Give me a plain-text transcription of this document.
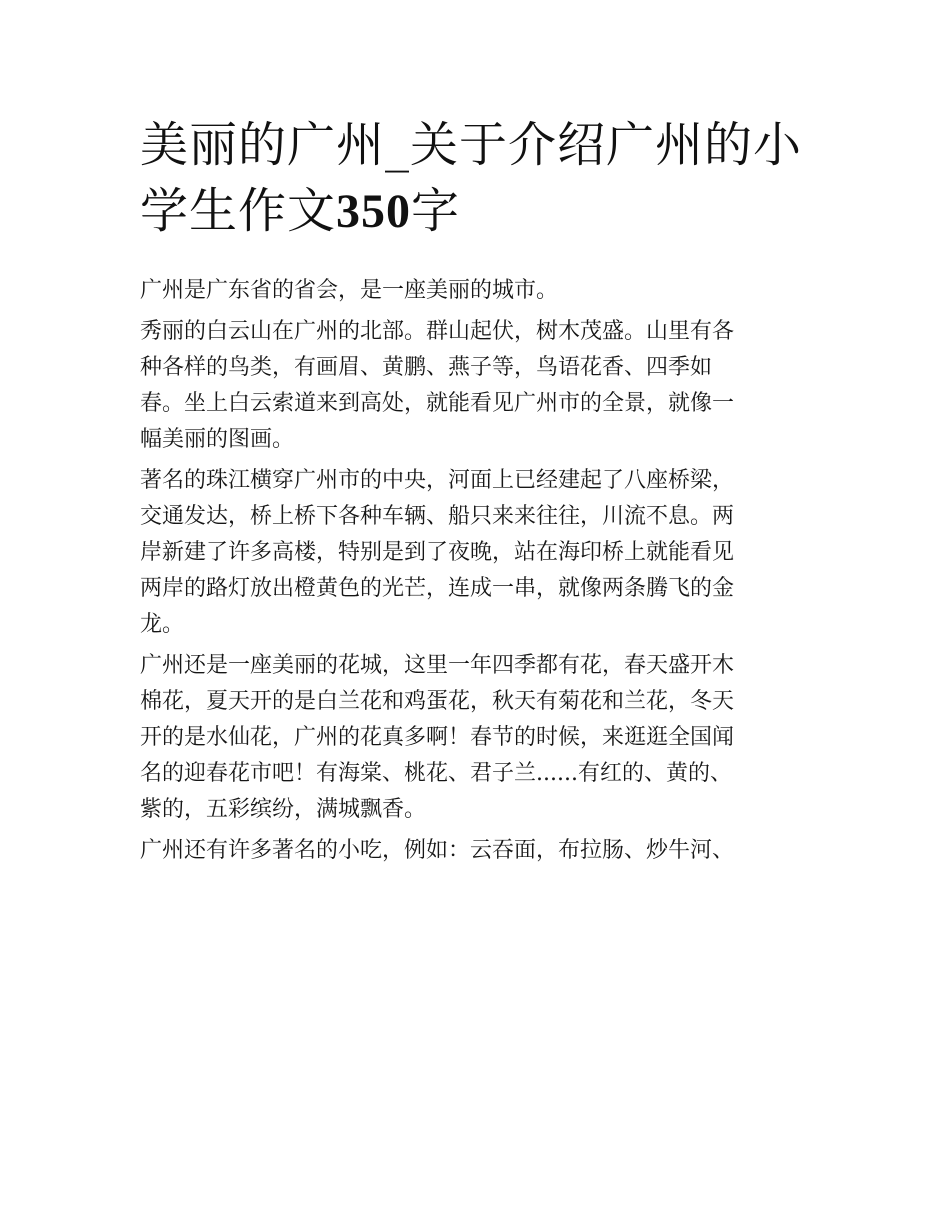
美丽的广州_关于介绍广州的小
学生作文350字

广州是广东省的省会，是一座美丽的城市。

秀丽的白云山在广州的北部。群山起伏，树木茂盛。山里有各
种各样的鸟类，有画眉、黄鹏、燕子等，鸟语花香、四季如
春。坐上白云索道来到高处，就能看见广州市的全景，就像一
幅美丽的图画。

著名的珠江横穿广州市的中央，河面上已经建起了八座桥梁，
交通发达，桥上桥下各种车辆、船只来来往往，川流不息。两
岸新建了许多高楼，特别是到了夜晚，站在海印桥上就能看见
两岸的路灯放出橙黄色的光芒，连成一串，就像两条腾飞的金
龙。

广州还是一座美丽的花城，这里一年四季都有花，春天盛开木
棉花，夏天开的是白兰花和鸡蛋花，秋天有菊花和兰花，冬天
开的是水仙花，广州的花真多啊！春节的时候，来逛逛全国闻
名的迎春花市吧！有海棠、桃花、君子兰......有红的、黄的、
紫的，五彩缤纷，满城飘香。

广州还有许多著名的小吃，例如：云吞面，布拉肠、炒牛河、
